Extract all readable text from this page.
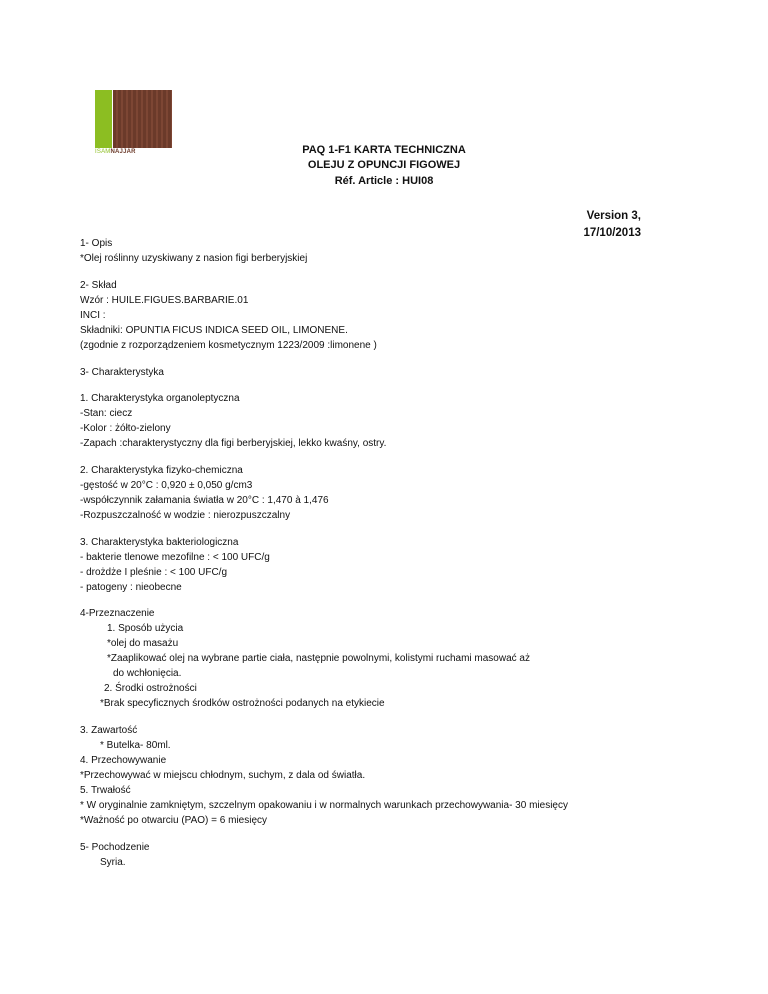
ISAMNAJJAR	PAQ 1-F1 KARTA TECHNICZNA
OLEJU Z OPUNCJI FIGOWEJ
Réf. Article : HUI08
Version 3,
17/10/2013
1- Opis
*Olej roślinny uzyskiwany z nasion figi berberyjskiej
2- Skład
Wzór : HUILE.FIGUES.BARBARIE.01
INCI :
Składniki: OPUNTIA FICUS INDICA SEED OIL, LIMONENE.
(zgodnie z rozporządzeniem kosmetycznym 1223/2009 :limonene )
3- Charakterystyka
1. Charakterystyka organoleptyczna
-Stan: ciecz
-Kolor : żółto-zielony
-Zapach :charakterystyczny dla figi berberyjskiej, lekko kwaśny, ostry.
2. Charakterystyka fizyko-chemiczna
-gęstość w 20°C : 0,920 ± 0,050 g/cm3
-współczynnik załamania światła w 20°C : 1,470 à 1,476
-Rozpuszczalność w wodzie : nierozpuszczalny
3. Charakterystyka bakteriologiczna
- bakterie tlenowe mezofilne : < 100 UFC/g
- drożdże I pleśnie : < 100 UFC/g
- patogeny : nieobecne
4-Przeznaczenie
1. Sposób użycia
*olej do masażu
*Zaaplikować olej na wybrane partie ciała, następnie powolnymi, kolistymi ruchami masować aż
do wchłonięcia.
2. Środki ostrożności
*Brak specyficznych środków ostrożności podanych na etykiecie
3. Zawartość
* Butelka- 80ml.
4. Przechowywanie
*Przechowywać w miejscu chłodnym, suchym, z dala od światła.
5. Trwałość
* W oryginalnie zamkniętym, szczelnym opakowaniu i w normalnych warunkach przechowywania- 30 miesięcy
*Ważność po otwarciu (PAO) = 6 miesięcy
5- Pochodzenie
Syria.
